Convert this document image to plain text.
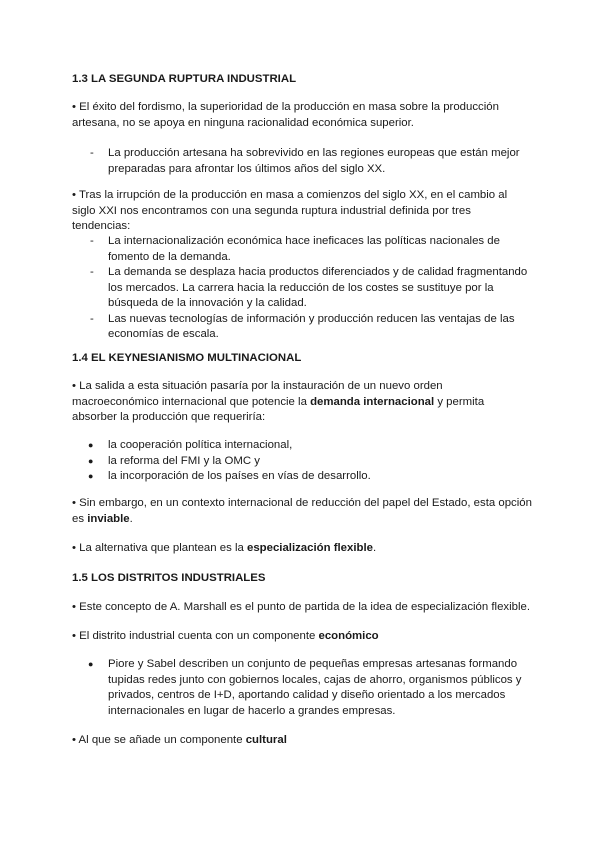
1.3 LA SEGUNDA RUPTURA INDUSTRIAL

• El éxito del fordismo, la superioridad de la producción en masa sobre la producción artesana, no se apoya en ninguna racionalidad económica superior.

- La producción artesana ha sobrevivido en las regiones europeas que están mejor preparadas para afrontar los últimos años del siglo XX.

• Tras la irrupción de la producción en masa a comienzos del siglo XX, en el cambio al siglo XXI nos encontramos con una segunda ruptura industrial definida por tres tendencias:

- La internacionalización económica hace ineficaces las políticas nacionales de fomento de la demanda.
- La demanda se desplaza hacia productos diferenciados y de calidad fragmentando los mercados. La carrera hacia la reducción de los costes se sustituye por la búsqueda de la innovación y la calidad.
- Las nuevas tecnologías de información y producción reducen las ventajas de las economías de escala.
1.4 EL KEYNESIANISMO MULTINACIONAL

• La salida a esta situación pasaría por la instauración de un nuevo orden macroeconómico internacional que potencie la demanda internacional y permita absorber la producción que requeriría:

● la cooperación política internacional,
● la reforma del FMI y la OMC y
● la incorporación de los países en vías de desarrollo.

• Sin embargo, en un contexto internacional de reducción del papel del Estado, esta opción es inviable.

• La alternativa que plantean es la especialización flexible.

1.5 LOS DISTRITOS INDUSTRIALES

• Este concepto de A. Marshall es el punto de partida de la idea de especialización flexible.

• El distrito industrial cuenta con un componente económico

● Piore y Sabel describen un conjunto de pequeñas empresas artesanas formando tupidas redes junto con gobiernos locales, cajas de ahorro, organismos públicos y privados, centros de I+D, aportando calidad y diseño orientado a los mercados internacionales en lugar de hacerlo a grandes empresas.

• Al que se añade un componente cultural
